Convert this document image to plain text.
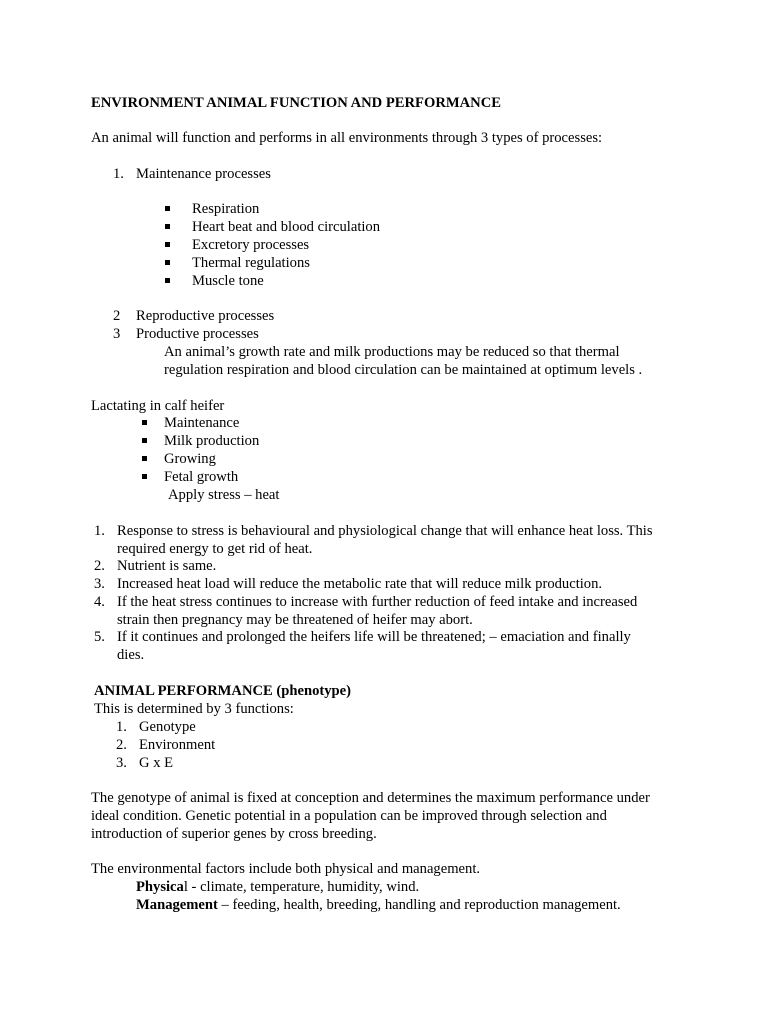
ENVIRONMENT ANIMAL FUNCTION AND PERFORMANCE
An animal will function and performs in all environments through 3 types of processes:
1. Maintenance processes
Respiration
Heart beat and blood circulation
Excretory processes
Thermal regulations
Muscle tone
2 Reproductive processes
3 Productive processes
An animal’s growth rate and milk productions may be reduced so that thermal
regulation respiration and blood circulation can be maintained at optimum levels .
Lactating in calf heifer
Maintenance
Milk production
Growing
Fetal growth
Apply stress – heat
1. Response to stress is behavioural and physiological change that will enhance heat loss. This
required energy to get rid of heat.
2. Nutrient is same.
3. Increased heat load will reduce the metabolic rate that will reduce milk production.
4. If the heat stress continues to increase with further reduction of feed intake and increased
strain then pregnancy may be threatened of heifer may abort.
5. If it continues and prolonged the heifers life will be threatened; – emaciation and finally
dies.
ANIMAL PERFORMANCE (phenotype)
This is determined by 3 functions:
1. Genotype
2. Environment
3. G x E
The genotype of animal is fixed at conception and determines the maximum performance under
ideal condition. Genetic potential in a population can be improved through selection and
introduction of superior genes by cross breeding.
The environmental factors include both physical and management.
Physical - climate, temperature, humidity, wind.
Management – feeding, health, breeding, handling and reproduction management.
